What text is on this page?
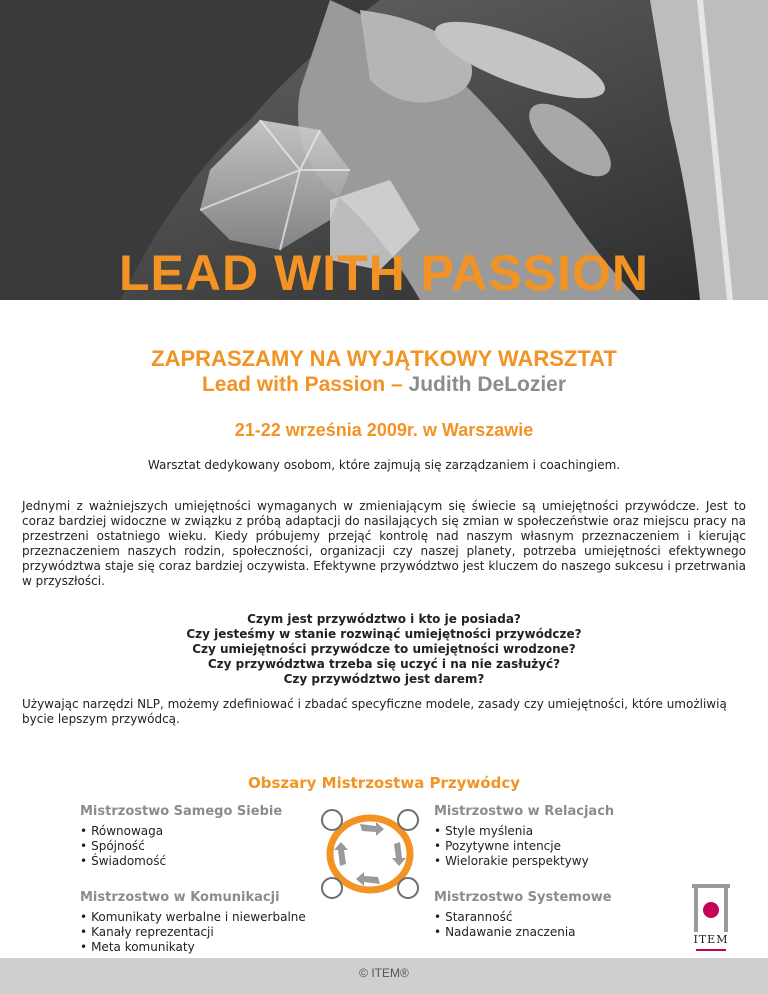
LEAD WITH PASSION
ZAPRASZAMY NA WYJĄTKOWY WARSZTAT
Lead with Passion – Judith DeLozier
21-22 września 2009r. w Warszawie
Warsztat dedykowany osobom, które zajmują się zarządzaniem i coachingiem.

Jednymi z ważniejszych umiejętności wymaganych w zmieniającym się świecie są umiejętności przywódcze. Jest to coraz bardziej widoczne w związku z próbą adaptacji do nasilających się zmian w społeczeństwie oraz miejscu pracy na przestrzeni ostatniego wieku. Kiedy próbujemy przejąć kontrolę nad naszym własnym przeznaczeniem i kierując przeznaczeniem naszych rodzin, społeczności, organizacji czy naszej planety, potrzeba umiejętności efektywnego przywództwa staje się coraz bardziej oczywista. Efektywne przywództwo jest kluczem do naszego sukcesu i przetrwania w przyszłości.

Czym jest przywództwo i kto je posiada?
Czy jesteśmy w stanie rozwinąć umiejętności przywódcze?
Czy umiejętności przywódcze to umiejętności wrodzone?
Czy przywództwa trzeba się uczyć i na nie zasłużyć?
Czy przywództwo jest darem?

Używając narzędzi NLP, możemy zdefiniować i zbadać specyficzne modele, zasady czy umiejętności, które umożliwią bycie lepszym przywódcą.

Obszary Mistrzostwa Przywódcy
Mistrzostwo Samego Siebie
• Równowaga
• Spójność
• Świadomość
Mistrzostwo w Relacjach
• Style myślenia
• Pozytywne intencje
• Wielorakie perspektywy
Mistrzostwo w Komunikacji
• Komunikaty werbalne i niewerbalne
• Kanały reprezentacji
• Meta komunikaty
Mistrzostwo Systemowe
• Staranność
• Nadawanie znaczenia
ITEM
© ITEM®
